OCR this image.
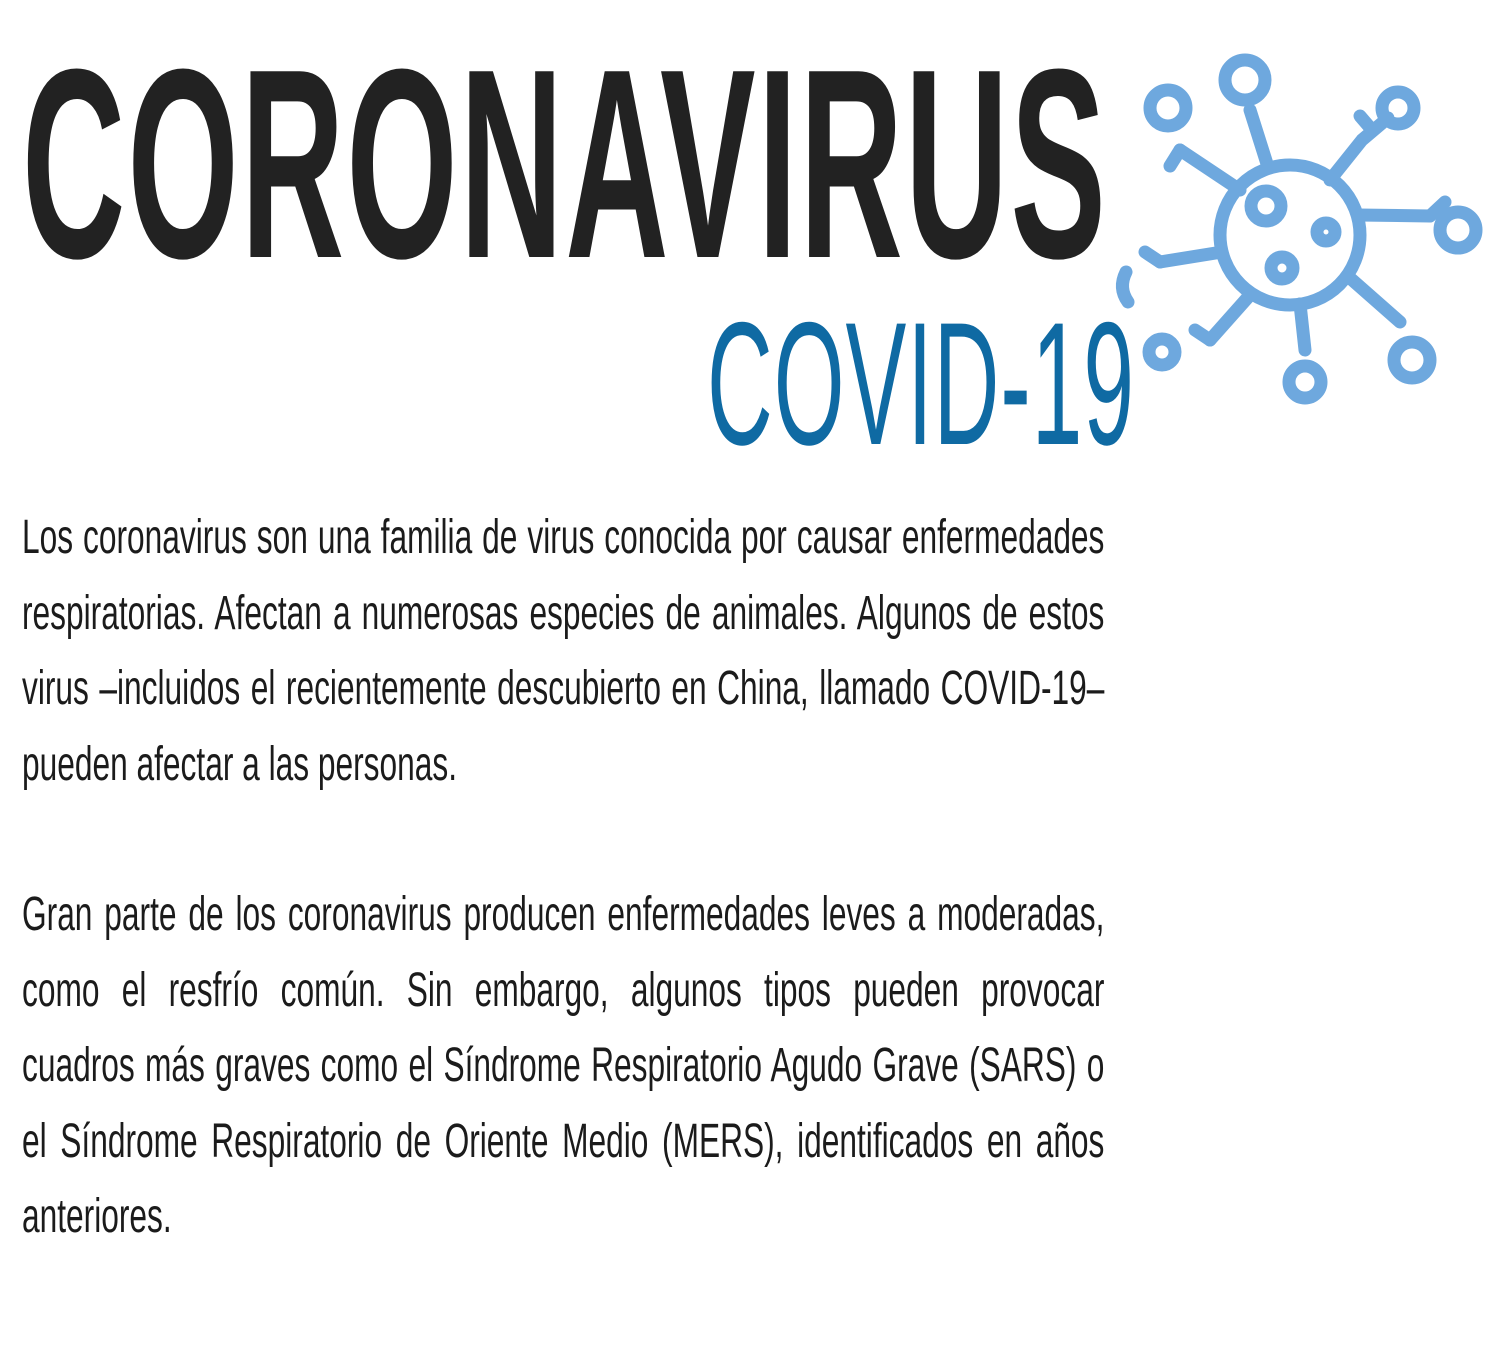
CORONAVIRUS
COVID-19

Los coronavirus son una familia de virus conocida por causar enfermedades respiratorias. Afectan a numerosas especies de animales. Algunos de estos virus –incluidos el recientemente descubierto en China, llamado COVID-19– pueden afectar a las personas.

Gran parte de los coronavirus producen enfermedades leves a moderadas, como el resfrío común. Sin embargo, algunos tipos pueden provocar cuadros más graves como el Síndrome Respiratorio Agudo Grave (SARS) o el Síndrome Respiratorio de Oriente Medio (MERS), identificados en años anteriores.
